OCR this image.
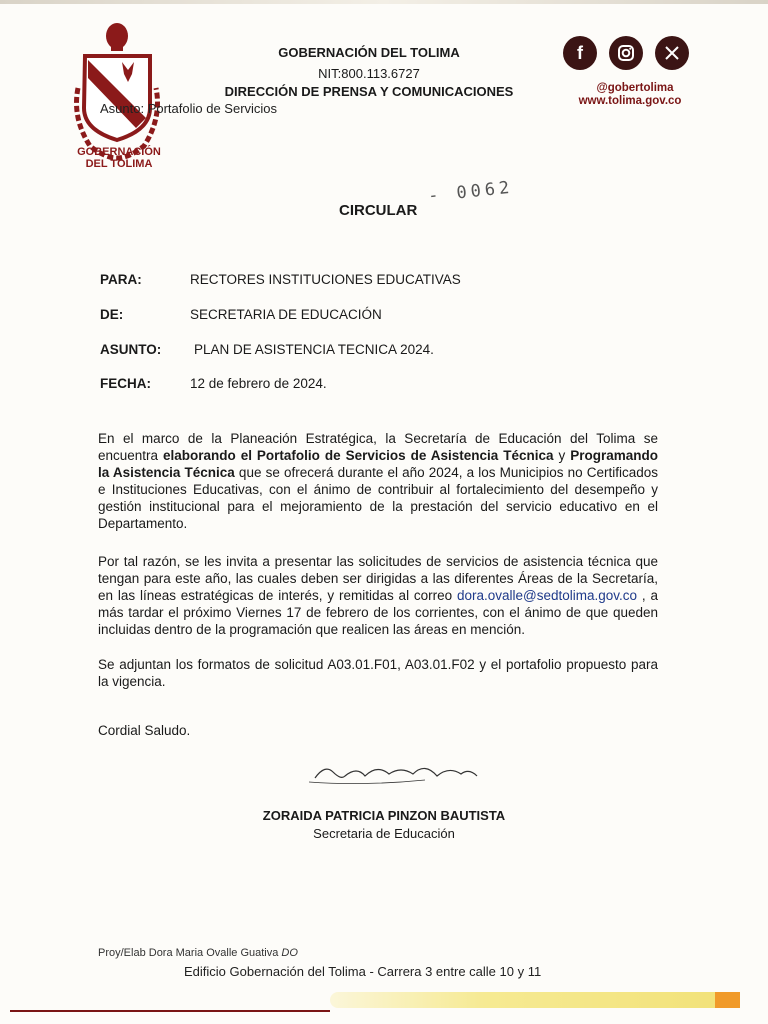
GOBERNACIÓN
DEL TOLIMA
GOBERNACIÓN DEL TOLIMA
NIT:800.113.6727
DIRECCIÓN DE PRENSA Y COMUNICACIONES
Asunto: Portafolio de Servicios
f
@gobertolima
www.tolima.gov.co
CIRCULAR
- 0062
PARA:	RECTORES INSTITUCIONES EDUCATIVAS
DE:	SECRETARIA DE EDUCACIÓN
ASUNTO: PLAN DE ASISTENCIA TECNICA 2024.
FECHA:	12 de febrero de 2024.
En el marco de la Planeación Estratégica, la Secretaría de Educación del Tolima se encuentra elaborando el Portafolio de Servicios de Asistencia Técnica y Programando la Asistencia Técnica que se ofrecerá durante el año 2024, a los Municipios no Certificados e Instituciones Educativas, con el ánimo de contribuir al fortalecimiento del desempeño y gestión institucional para el mejoramiento de la prestación del servicio educativo en el Departamento.
Por tal razón, se les invita a presentar las solicitudes de servicios de asistencia técnica que tengan para este año, las cuales deben ser dirigidas a las diferentes Áreas de la Secretaría, en las líneas estratégicas de interés, y remitidas al correo dora.ovalle@sedtolima.gov.co , a más tardar el próximo Viernes 17 de febrero de los corrientes, con el ánimo de que queden incluidas dentro de la programación que realicen las áreas en mención.
Se adjuntan los formatos de solicitud A03.01.F01, A03.01.F02 y el portafolio propuesto para la vigencia.
Cordial Saludo.
ZORAIDA PATRICIA PINZON BAUTISTA
Secretaria de Educación
Proy/Elab Dora Maria Ovalle Guativa DO
Edificio Gobernación del Tolima - Carrera 3 entre calle 10 y 11
